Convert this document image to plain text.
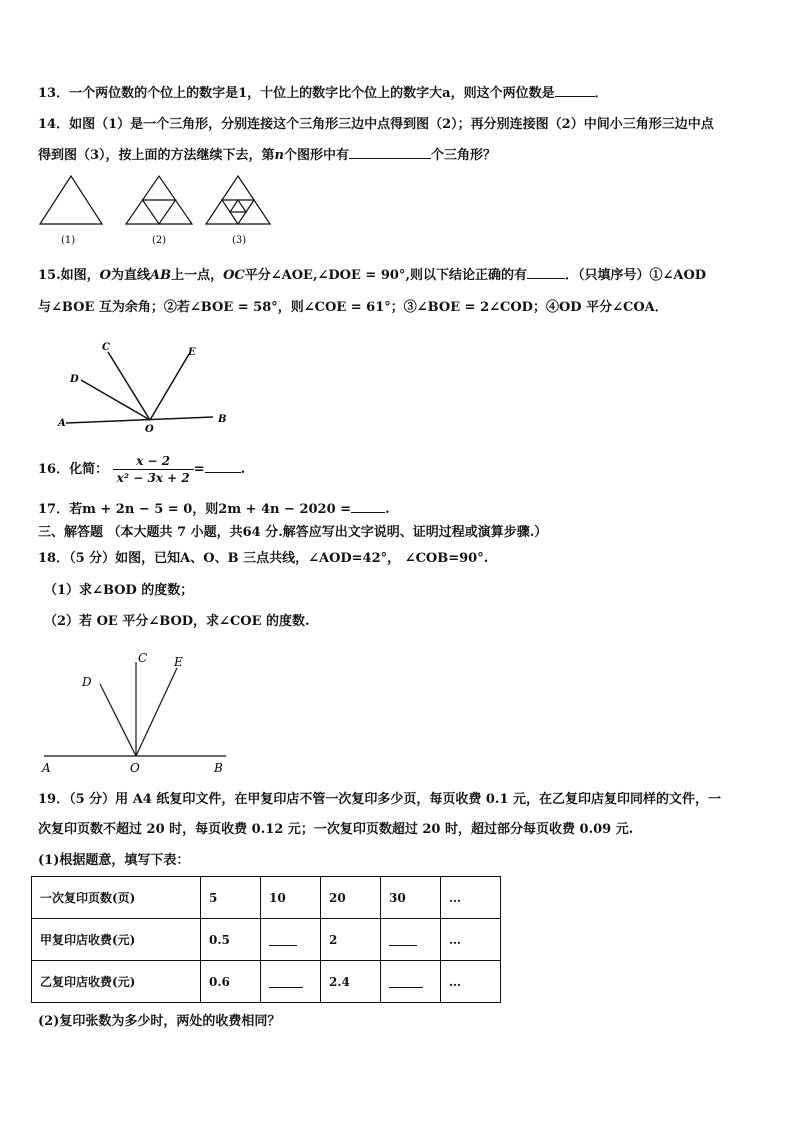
13．一个两位数的个位上的数字是1，十位上的数字比个位上的数字大a，则这个两位数是	．
14．如图（1）是一个三角形，分别连接这个三角形三边中点得到图（2）；再分别连接图（2）中间小三角形三边中点
得到图（3），按上面的方法继续下去，第n个图形中有	个三角形？
(1)	(2)	(3)
15.如图，O为直线AB上一点，OC平分∠AOE,∠DOE = 90°,则以下结论正确的有	．（只填序号）①∠AOD
与∠BOE 互为余角；②若∠BOE = 58°，则∠COE = 61°；③∠BOE = 2∠COD；④OD 平分∠COA．
C	E
D
A
O
B
16．化简： $\frac{x - 2}{\text{x² − 3x + 2}}$ =	.
17．若m + 2n − 5 = 0，则2m + 4n − 2020 =	.
三、解答题 （本大题共 7 小题，共64 分.解答应写出文字说明、证明过程或演算步骤.）
18．（5 分）如图，已知A、O、B 三点共线，∠AOD=42°， ∠COB=90°.
（1）求∠BOD 的度数；
（2）若 OE 平分∠BOD，求∠COE 的度数.
C E
D
A	O	B
19．（5 分）用 A4 纸复印文件，在甲复印店不管一次复印多少页，每页收费 0.1 元，在乙复印店复印同样的文件，一
次复印页数不超过 20 时，每页收费 0.12 元；一次复印页数超过 20 时，超过部分每页收费 0.09 元.
(1)根据题意，填写下表：
一次复印页数(页)	5	10	20	30	…
甲复印店收费(元)	0.5		2		…
乙复印店收费(元)	0.6		2.4		…
(2)复印张数为多少时，两处的收费相同？
